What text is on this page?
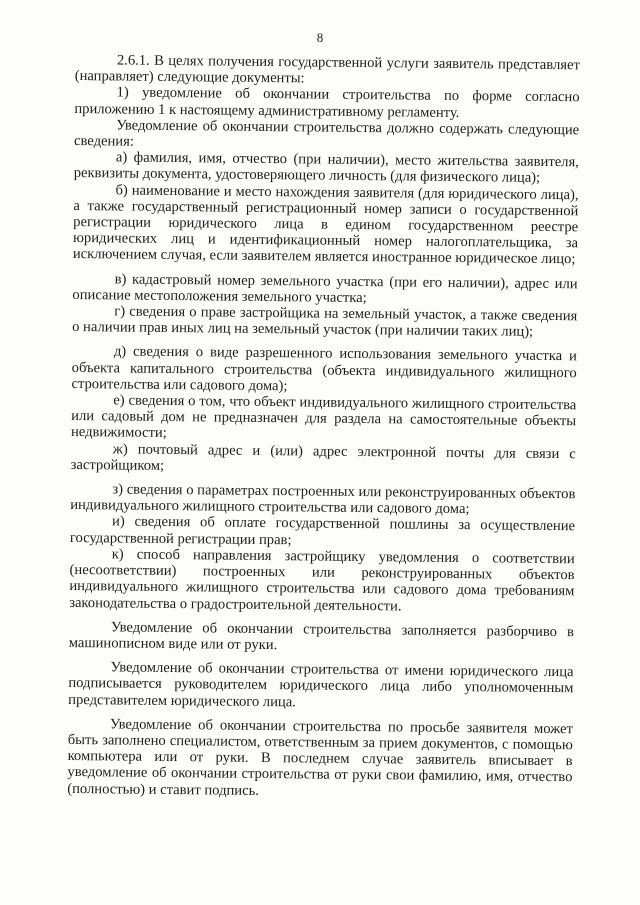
8

2.6.1. В целях получения государственной услуги заявитель представляет (направляет) следующие документы:

1) уведомление об окончании строительства по форме согласно приложению 1 к настоящему административному регламенту.

Уведомление об окончании строительства должно содержать следующие сведения:

а) фамилия, имя, отчество (при наличии), место жительства заявителя, реквизиты документа, удостоверяющего личность (для физического лица);

б) наименование и место нахождения заявителя (для юридического лица), а также государственный регистрационный номер записи о государственной регистрации юридического лица в едином государственном реестре юридических лиц и идентификационный номер налогоплательщика, за исключением случая, если заявителем является иностранное юридическое лицо;

в) кадастровый номер земельного участка (при его наличии), адрес или описание местоположения земельного участка;

г) сведения о праве застройщика на земельный участок, а также сведения о наличии прав иных лиц на земельный участок (при наличии таких лиц);

д) сведения о виде разрешенного использования земельного участка и объекта капитального строительства (объекта индивидуального жилищного строительства или садового дома);

е) сведения о том, что объект индивидуального жилищного строительства или садовый дом не предназначен для раздела на самостоятельные объекты недвижимости;

ж) почтовый адрес и (или) адрес электронной почты для связи с застройщиком;

з) сведения о параметрах построенных или реконструированных объектов индивидуального жилищного строительства или садового дома;

и) сведения об оплате государственной пошлины за осуществление государственной регистрации прав;

к) способ направления застройщику уведомления о соответствии (несоответствии) построенных или реконструированных объектов индивидуального жилищного строительства или садового дома требованиям законодательства о градостроительной деятельности.

Уведомление об окончании строительства заполняется разборчиво в машинописном виде или от руки.

Уведомление об окончании строительства от имени юридического лица подписывается руководителем юридического лица либо уполномоченным представителем юридического лица.

Уведомление об окончании строительства по просьбе заявителя может быть заполнено специалистом, ответственным за прием документов, с помощью компьютера или от руки. В последнем случае заявитель вписывает в уведомление об окончании строительства от руки свои фамилию, имя, отчество (полностью) и ставит подпись.
